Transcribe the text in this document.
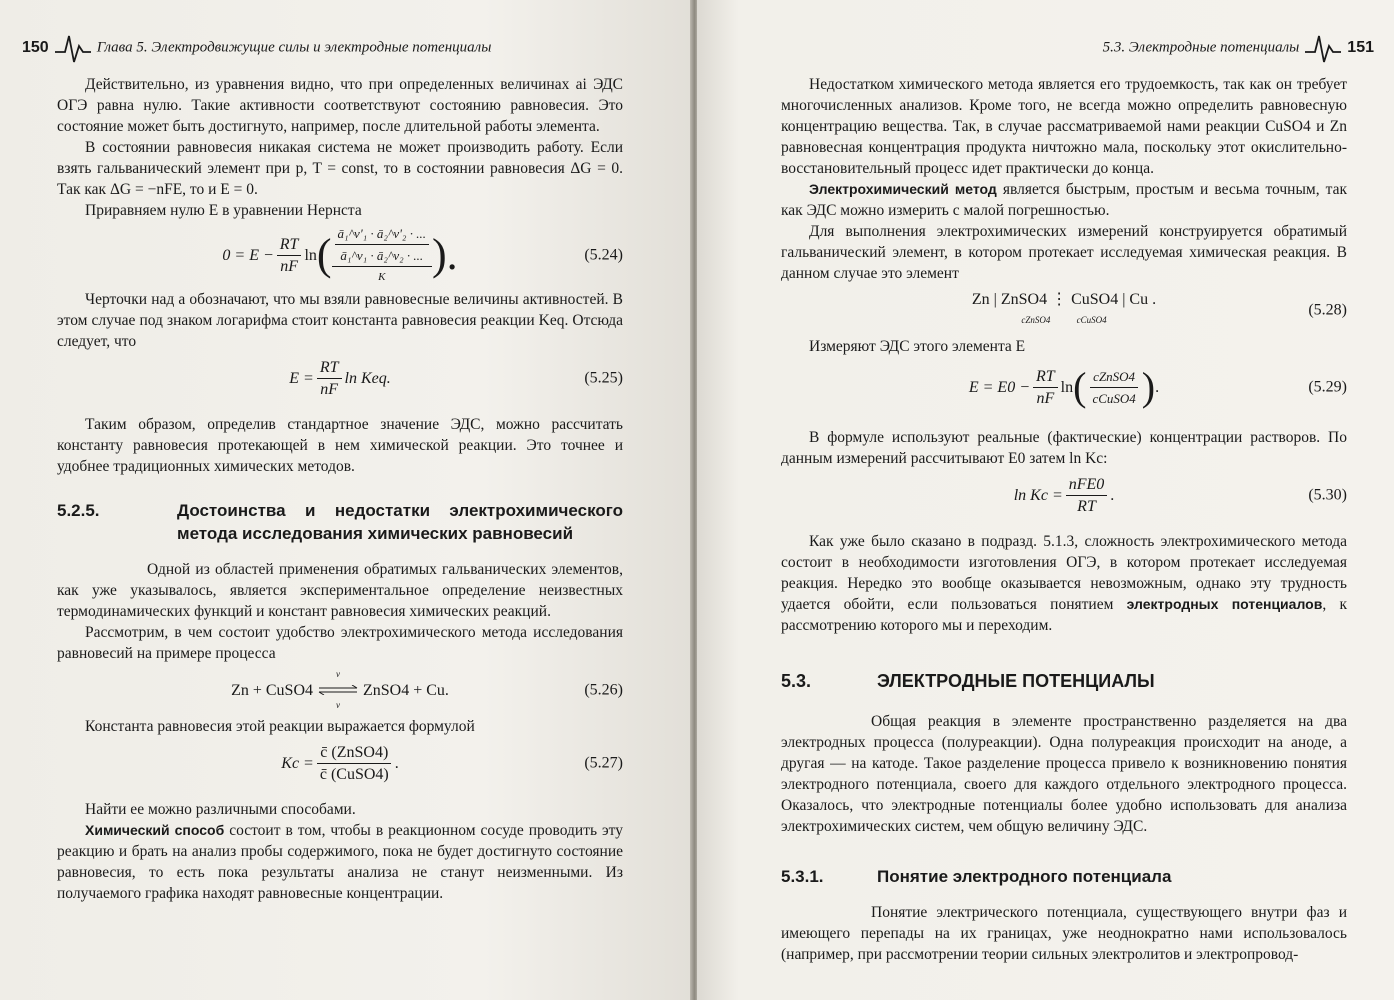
150	Глава 5. Электродвижущие силы и электродные потенциалы

Действительно, из уравнения видно, что при определенных величинах ai ЭДС ОГЭ равна нулю. Такие активности соответствуют состоянию равновесия. Это состояние может быть достигнуто, например, после длительной работы элемента.

В состоянии равновесия никакая система не может производить работу. Если взять гальванический элемент при p, T = const, то в состоянии равновесия ΔG = 0. Так как ΔG = −nFE, то и E = 0.

Приравняем нулю E в уравнении Нернста

$0 = E - \frac{RT}{nF}$ ln ( $\frac{\text{ā₁\textasciicircum{}ν'₁ · ā₂\textasciicircum{}ν'₂ · ...}}{\text{ā₁\textasciicircum{}ν₁ · ā₂\textasciicircum{}ν₂ · ...}}$
K	).	(5.24)

Черточки над a обозначают, что мы взяли равновесные величины активностей. В этом случае под знаком логарифма стоит константа равновесия реакции Keq. Отсюда следует, что

$E = \frac{RT}{nF}$ ln Keq.	(5.25)

Таким образом, определив стандартное значение ЭДС, можно рассчитать константу равновесия протекающей в нем химической реакции. Это точнее и удобнее традиционных химических методов.

5.2.5.	Достоинства и недостатки электрохимического метода исследования химических равновесий

Одной из областей применения обратимых гальванических элементов, как уже указывалось, является экспериментальное определение неизвестных термодинамических функций и констант равновесия химических реакций.

Рассмотрим, в чем состоит удобство электрохимического метода исследования равновесий на примере процесса

Zn + CuSO4
v
v
ZnSO4 + Cu.	(5.26)

Константа равновесия этой реакции выражается формулой

$Kc = \frac{\text{c̄ (ZnSO4)}}{\text{c̄ (CuSO4)}}$ .	(5.27)

Найти ее можно различными способами.

Химический способ состоит в том, чтобы в реакционном сосуде проводить эту реакцию и брать на анализ пробы содержимого, пока не будет достигнуто состояние равновесия, то есть пока результаты анализа не станут неизменными. Из получаемого графика находят равновесные концентрации.

5.3. Электродные потенциалы	151

Недостатком химического метода является его трудоемкость, так как он требует многочисленных анализов. Кроме того, не всегда можно определить равновесную концентрацию вещества. Так, в случае рассматриваемой нами реакции CuSO4 и Zn равновесная концентрация продукта ничтожно мала, поскольку этот окислительно-восстановительный процесс идет практически до конца.

Электрохимический метод является быстрым, простым и весьма точным, так как ЭДС можно измерить с малой погрешностью.

Для выполнения электрохимических измерений конструируется обратимый гальванический элемент, в котором протекает исследуемая химическая реакция. В данном случае это элемент

Zn | ZnSO4 ⋮ CuSO4 | Cu .
cZnSO4	cCuSO4
(5.28)

Измеряют ЭДС этого элемента E

$E = E0 - \frac{RT}{nF}$ ln ( $\frac{\text{cZnSO4}}{\text{cCuSO4}}$ ) .	(5.29)

В формуле используют реальные (фактические) концентрации растворов. По данным измерений рассчитывают E0 затем ln Kc:

$\ln Kc = \frac{\text{nFE0}}{RT}$ .	(5.30)

Как уже было сказано в подразд. 5.1.3, сложность электрохимического метода состоит в необходимости изготовления ОГЭ, в котором протекает исследуемая реакция. Нередко это вообще оказывается невозможным, однако эту трудность удается обойти, если пользоваться понятием электродных потенциалов, к рассмотрению которого мы и переходим.

5.3.	ЭЛЕКТРОДНЫЕ ПОТЕНЦИАЛЫ

Общая реакция в элементе пространственно разделяется на два электродных процесса (полуреакции). Одна полуреакция происходит на аноде, а другая — на катоде. Такое разделение процесса привело к возникновению понятия электродного потенциала, своего для каждого отдельного электродного процесса. Оказалось, что электродные потенциалы более удобно использовать для анализа электрохимических систем, чем общую величину ЭДС.

5.3.1.	Понятие электродного потенциала

Понятие электрического потенциала, существующего внутри фаз и имеющего перепады на их границах, уже неоднократно нами использовалось (например, при рассмотрении теории сильных электролитов и электропровод-
